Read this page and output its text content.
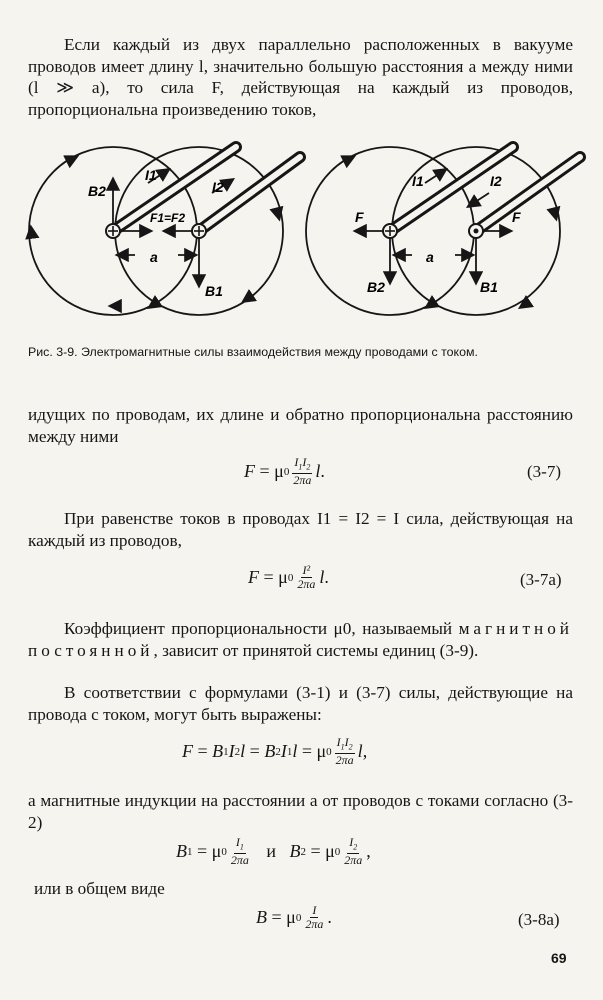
Если каждый из двух параллельно расположенных в вакууме проводов имеет длину l, значительно большую расстояния a между ними (l ≫ a), то сила F, действующая на каждый из проводов, пропорциональна произведению токов,
B2
B1
I1
I2
F1=F2
a
F	F
B2	B1
I1	I2
a
Рис. 3-9. Электромагнитные силы взаимодействия между проводами с током.
идущих по проводам, их длине и обратно пропорциональна расстоянию между ними
F = μ $0 \frac{I_1I_2}{2\pi a}$ l .	(3-7)
При равенстве токов в проводах I1 = I2 = I сила, действующая на каждый из проводов,
F = μ $0 \frac{\text{I²}}{2\pi a}$ l .	(3-7а)
Коэффициент пропорциональности μ0, называемый магнитной постоянной, зависит от принятой системы единиц (3-9).
В соответствии с формулами (3-1) и (3-7) силы, действующие на провода с током, могут быть выражены:
F = B 1 I 2 l = B 2 I 1 l = μ $0 \frac{I_1I_2}{2\pi a}$ l ,
а магнитные индукции на расстоянии a от проводов с токами согласно (3-2)
B 1 = μ $0 \frac{I_1}{2\pi a}$
и
B 2 = μ $0 \frac{I_2}{2\pi a}$ ,
или в общем виде
B = μ $0 \frac{I}{2\pi a}$ .	(3-8а)
69
